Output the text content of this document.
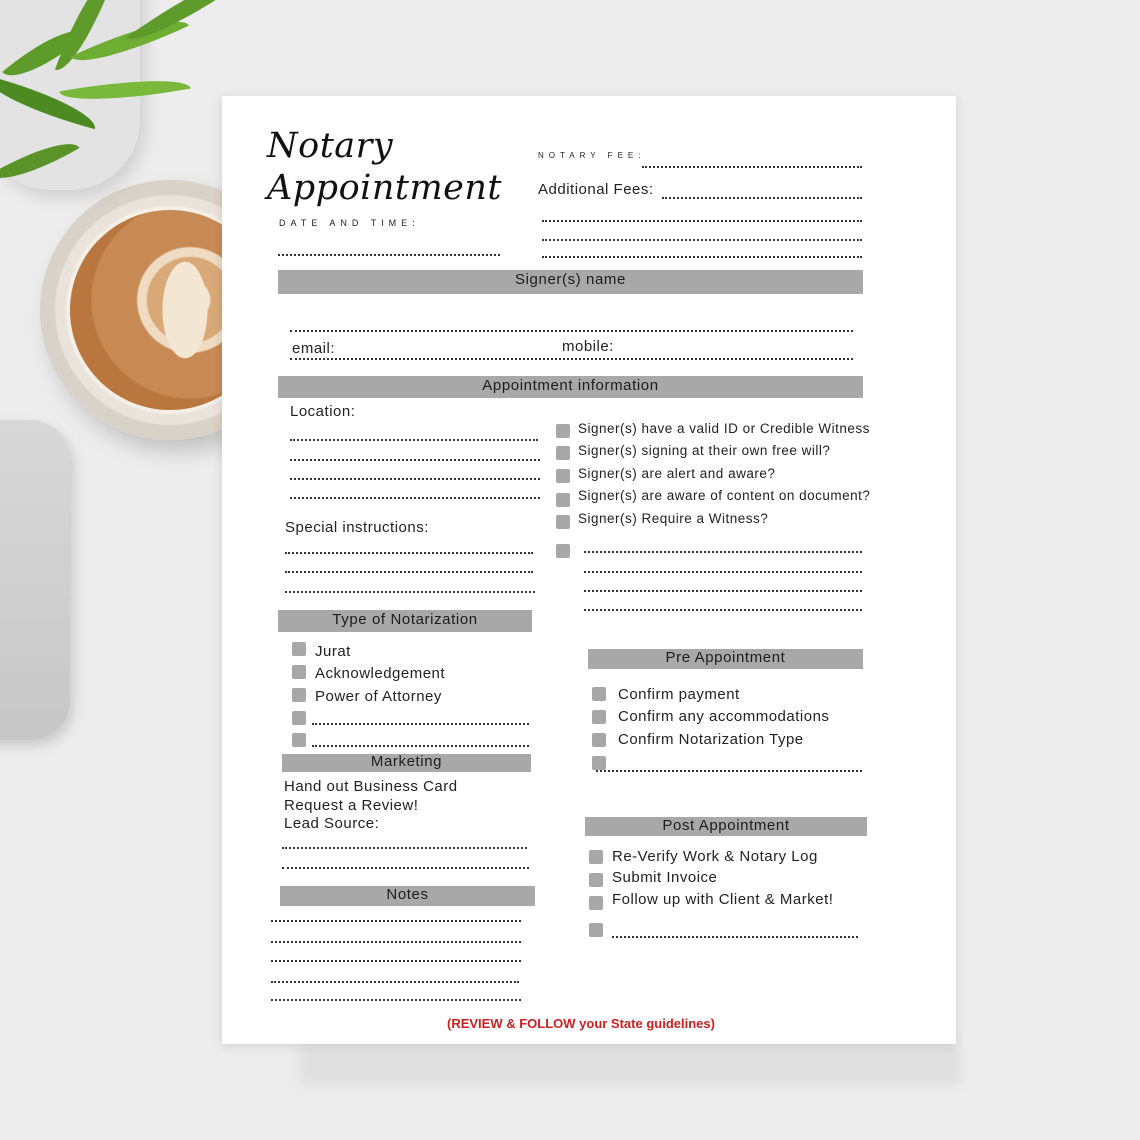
Notary
Appointment
DATE AND TIME:
NOTARY FEE:
Additional Fees:
Signer(s) name
email:	mobile:
Appointment information
Location:
Special instructions:
Signer(s) have a valid ID or Credible Witness
Signer(s) signing at their own free will?
Signer(s) are alert and aware?
Signer(s) are aware of content on document?
Signer(s) Require a Witness?
Type of Notarization
Jurat
Acknowledgement
Power of Attorney
Marketing
Hand out Business Card
Request a Review!
Lead Source:
Notes
Pre Appointment
Confirm payment
Confirm any accommodations
Confirm Notarization Type
Post Appointment
Re-Verify Work & Notary Log
Submit Invoice
Follow up with Client & Market!
(REVIEW & FOLLOW your State guidelines)
